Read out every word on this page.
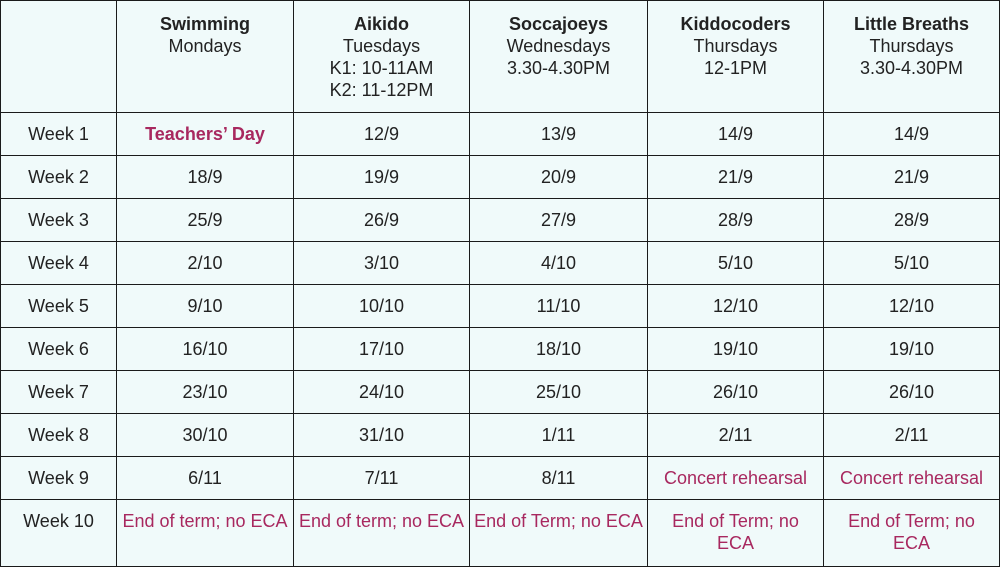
	Swimming
Mondays	Aikido
Tuesdays
K1: 10-11AM
K2: 11-12PM	Soccajoeys
Wednesdays
3.30-4.30PM	Kiddocoders
Thursdays
12-1PM	Little Breaths
Thursdays
3.30-4.30PM

Week 1	Teachers’ Day	12/9	13/9	14/9	14/9
Week 2	18/9	19/9	20/9	21/9	21/9
Week 3	25/9	26/9	27/9	28/9	28/9
Week 4	2/10	3/10	4/10	5/10	5/10
Week 5	9/10	10/10	11/10	12/10	12/10
Week 6	16/10	17/10	18/10	19/10	19/10
Week 7	23/10	24/10	25/10	26/10	26/10
Week 8	30/10	31/10	1/11	2/11	2/11
Week 9	6/11	7/11	8/11	Concert rehearsal	Concert rehearsal
Week 10	End of term; no ECA	End of term; no ECA	End of Term; no ECA	End of Term; no ECA	End of Term; no ECA
